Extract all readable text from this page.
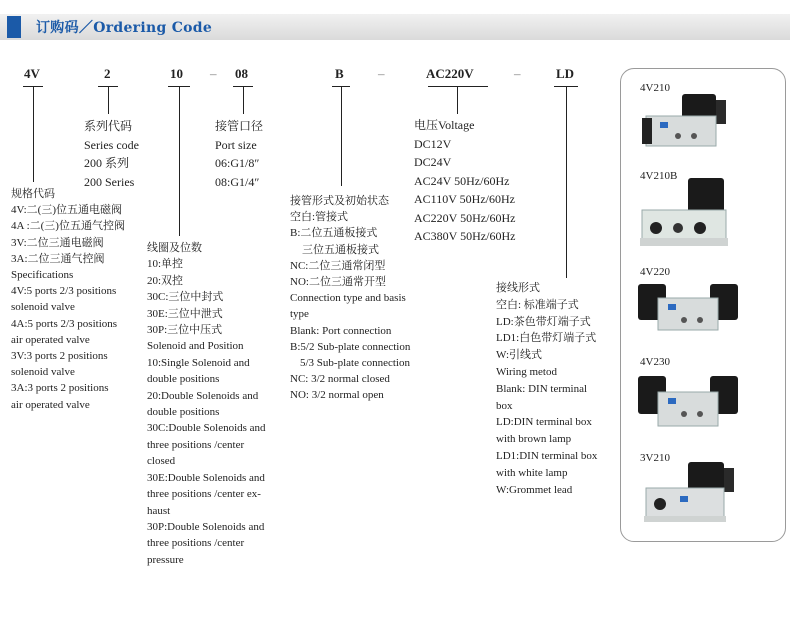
订购码／Ordering Code
4V	2	10 – 08	B	–	AC220V	–	LD
系列代码
Series code
200 系列
200 Series
接管口径
Port size
06:G1/8″
08:G1/4″
规格代码
4V:二(三)位五通电磁阀
4A :二(三)位五通气控阀
3V:二位三通电磁阀
3A:二位三通气控阀
Specifications
4V:5 ports 2/3 positions
solenoid valve
4A:5 ports 2/3 positions
air operated valve
3V:3 ports 2 positions
solenoid valve
3A:3 ports 2 positions
air operated valve
线圈及位数
10:单控
20:双控
30C:三位中封式
30E:三位中泄式
30P:三位中压式
Solenoid and Position
10:Single Solenoid and
double positions
20:Double Solenoids and
double positions
30C:Double Solenoids and
three positions /center
closed
30E:Double Solenoids and
three positions /center ex-
haust
30P:Double Solenoids and
three positions /center
pressure
接管形式及初始状态
空白:管接式
B:二位五通板接式
三位五通板接式
NC:二位三通常闭型
NO:二位三通常开型
Connection type and basis
type
Blank: Port connection
B:5/2 Sub-plate connection
5/3 Sub-plate connection
NC: 3/2 normal closed
NO: 3/2 normal open
电压Voltage
DC12V
DC24V
AC24V 50Hz/60Hz
AC110V 50Hz/60Hz
AC220V 50Hz/60Hz
AC380V 50Hz/60Hz
接线形式
空白: 标准端子式
LD:茶色带灯端子式
LD1:白色带灯端子式
W:引线式
Wiring metod
Blank: DIN terminal
box
LD:DIN terminal box
with brown lamp
LD1:DIN terminal box
with white lamp
W:Grommet lead
4V210
4V210B
4V220
4V230
3V210
